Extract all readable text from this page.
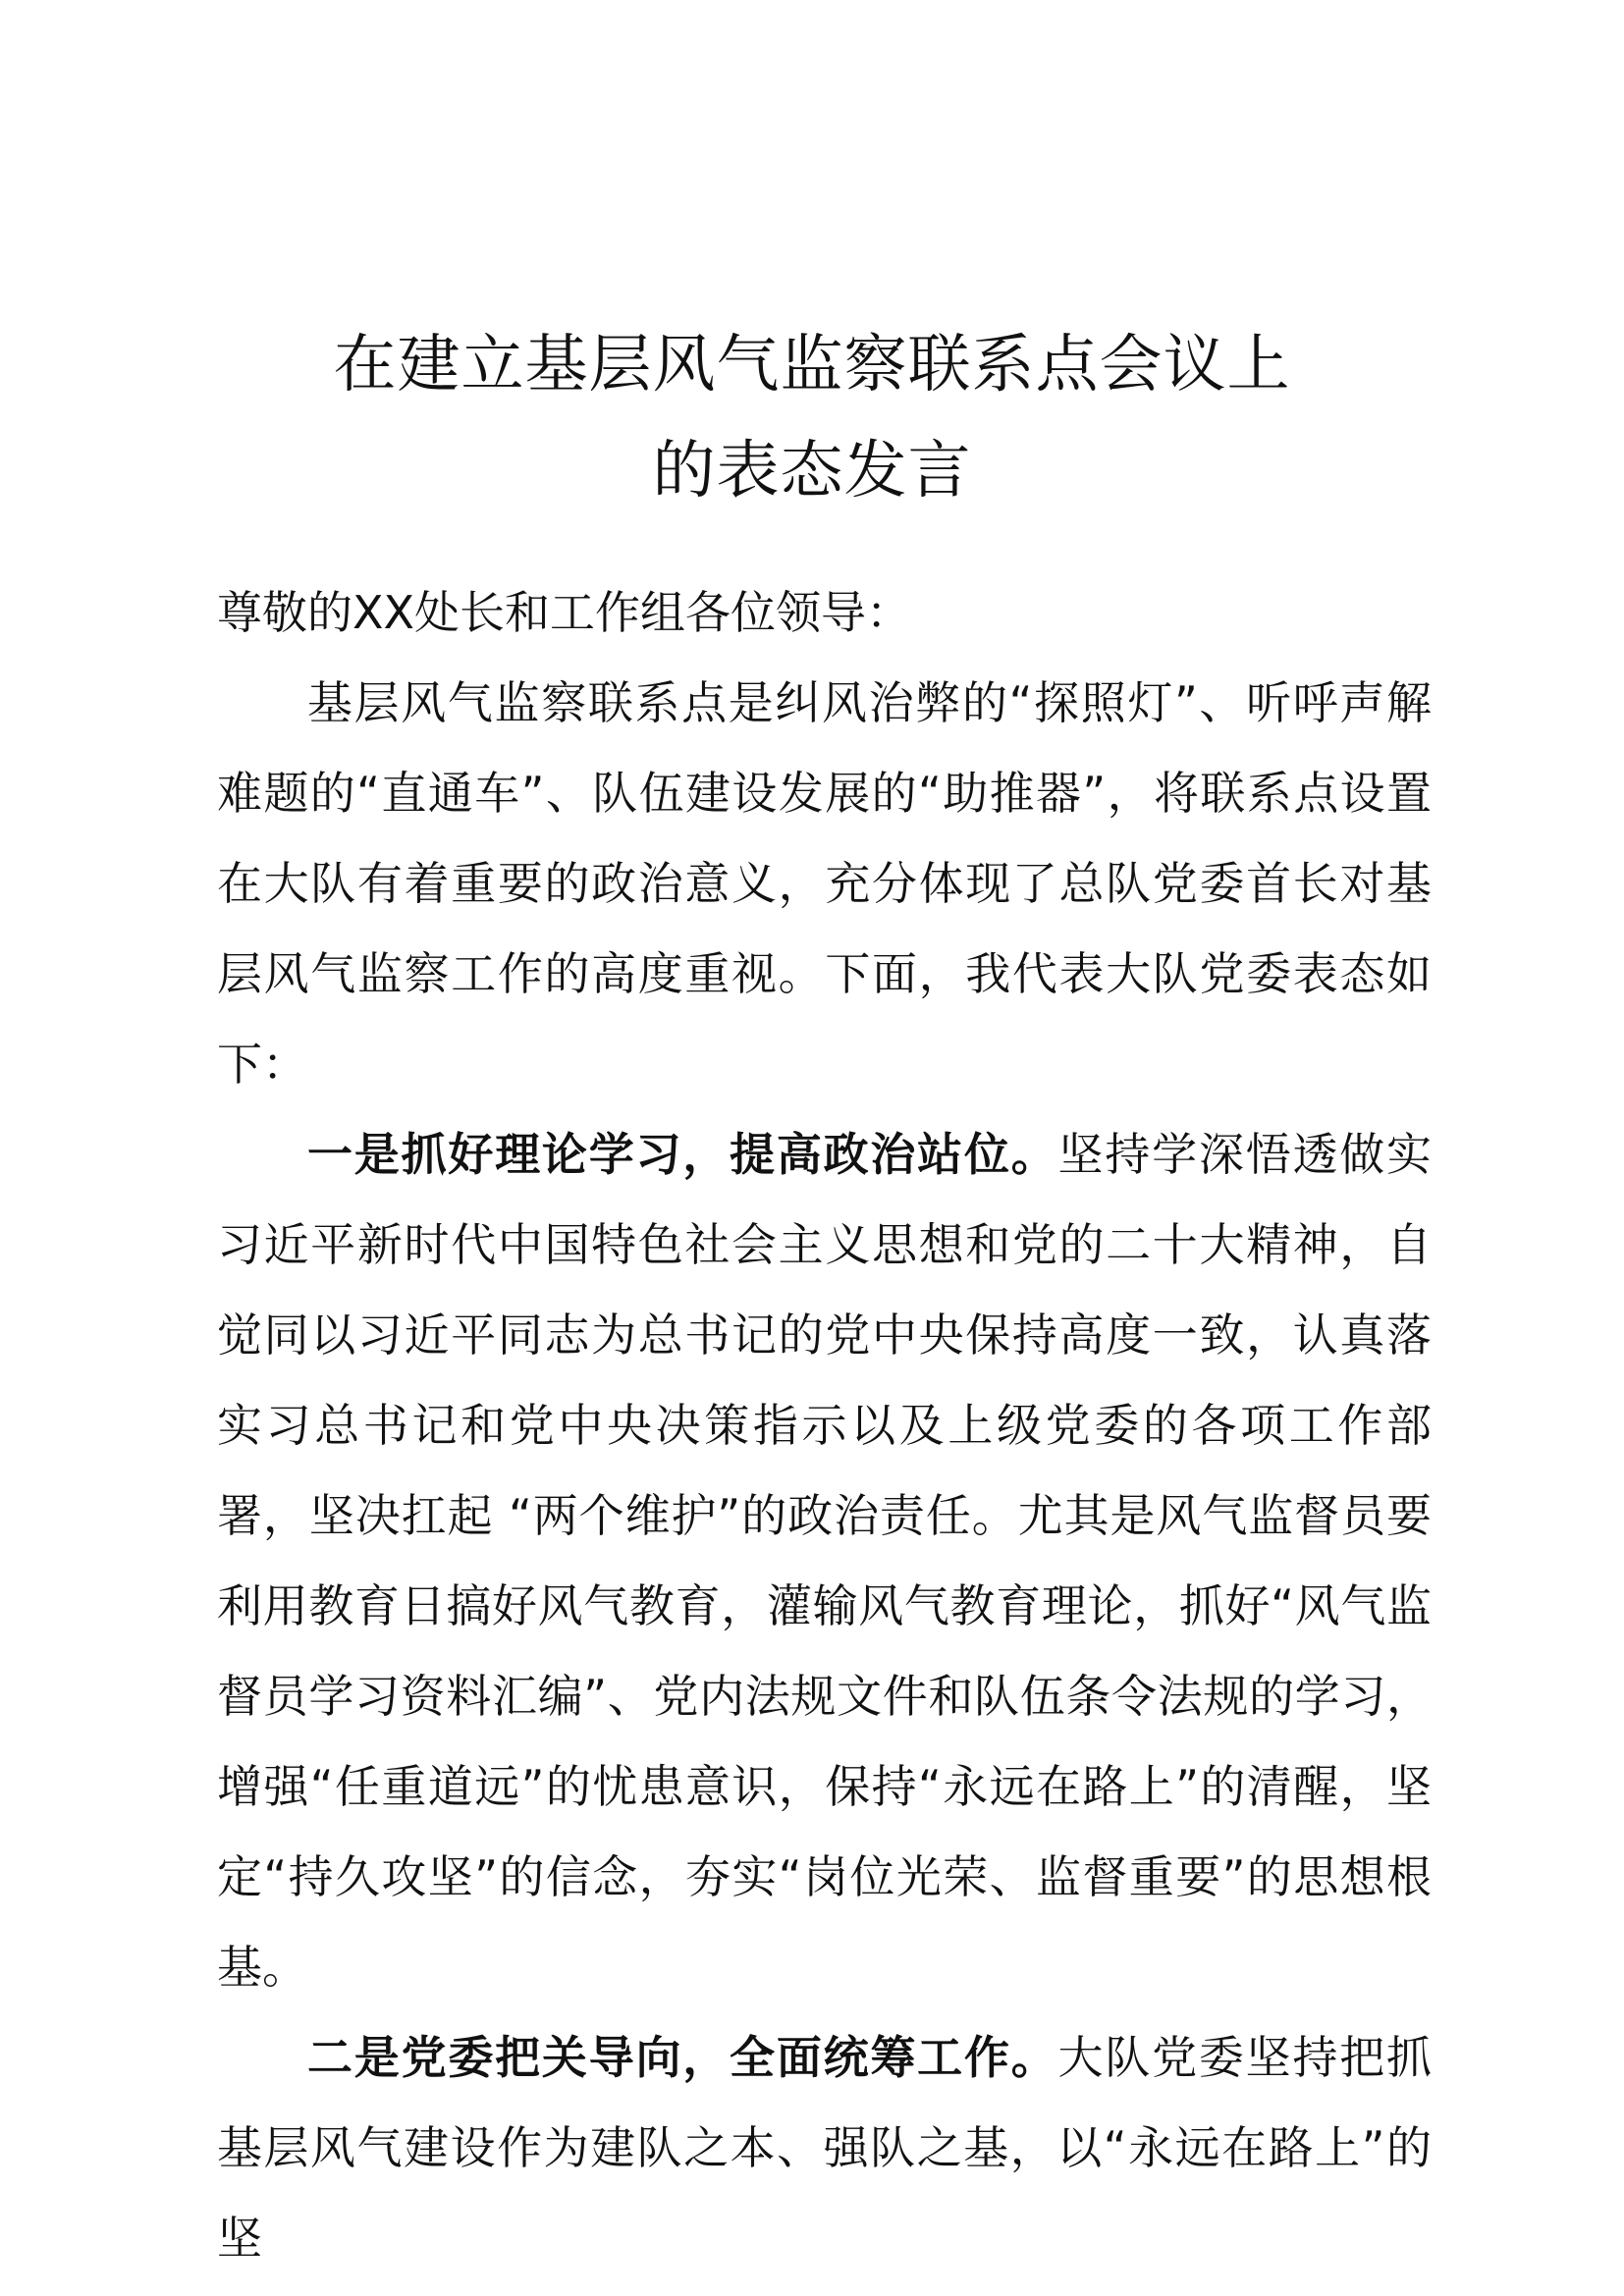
在建立基层风气监察联系点会议上
的表态发言

尊敬的XX处长和工作组各位领导：

基层风气监察联系点是纠风治弊的“探照灯”、听呼声解难题的“直通车”、队伍建设发展的“助推器”，将联系点设置在大队有着重要的政治意义，充分体现了总队党委首长对基层风气监察工作的高度重视。下面，我代表大队党委表态如下：

一是抓好理论学习，提高政治站位。坚持学深悟透做实习近平新时代中国特色社会主义思想和党的二十大精神，自觉同以习近平同志为总书记的党中央保持高度一致，认真落实习总书记和党中央决策指示以及上级党委的各项工作部署，坚决扛起 “两个维护”的政治责任。尤其是风气监督员要利用教育日搞好风气教育，灌输风气教育理论，抓好“风气监督员学习资料汇编”、党内法规文件和队伍条令法规的学习，增强“任重道远”的忧患意识，保持“永远在路上”的清醒，坚定“持久攻坚”的信念，夯实“岗位光荣、监督重要”的思想根基。

二是党委把关导向，全面统筹工作。大队党委坚持把抓基层风气建设作为建队之本、强队之基，以“永远在路上”的坚
